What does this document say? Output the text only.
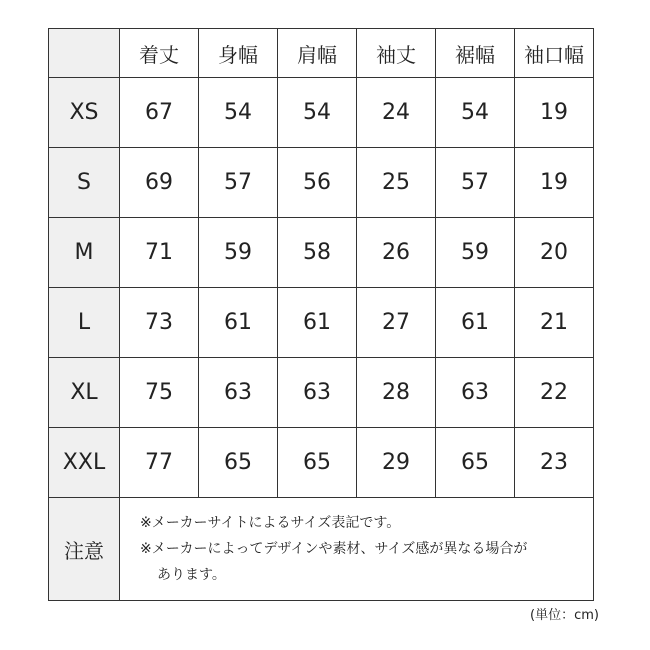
	着丈	身幅	肩幅	袖丈	裾幅	袖口幅
XS	67	54	54	24	54	19
S	69	57	56	25	57	19
M	71	59	58	26	59	20
L	73	61	61	27	61	21
XL	75	63	63	28	63	22
XXL	77	65	65	29	65	23
注意	※メーカーサイトによるサイズ表記です。
※メーカーによってデザインや素材、サイズ感が異なる場合が
あります。					
(単位：cm)
